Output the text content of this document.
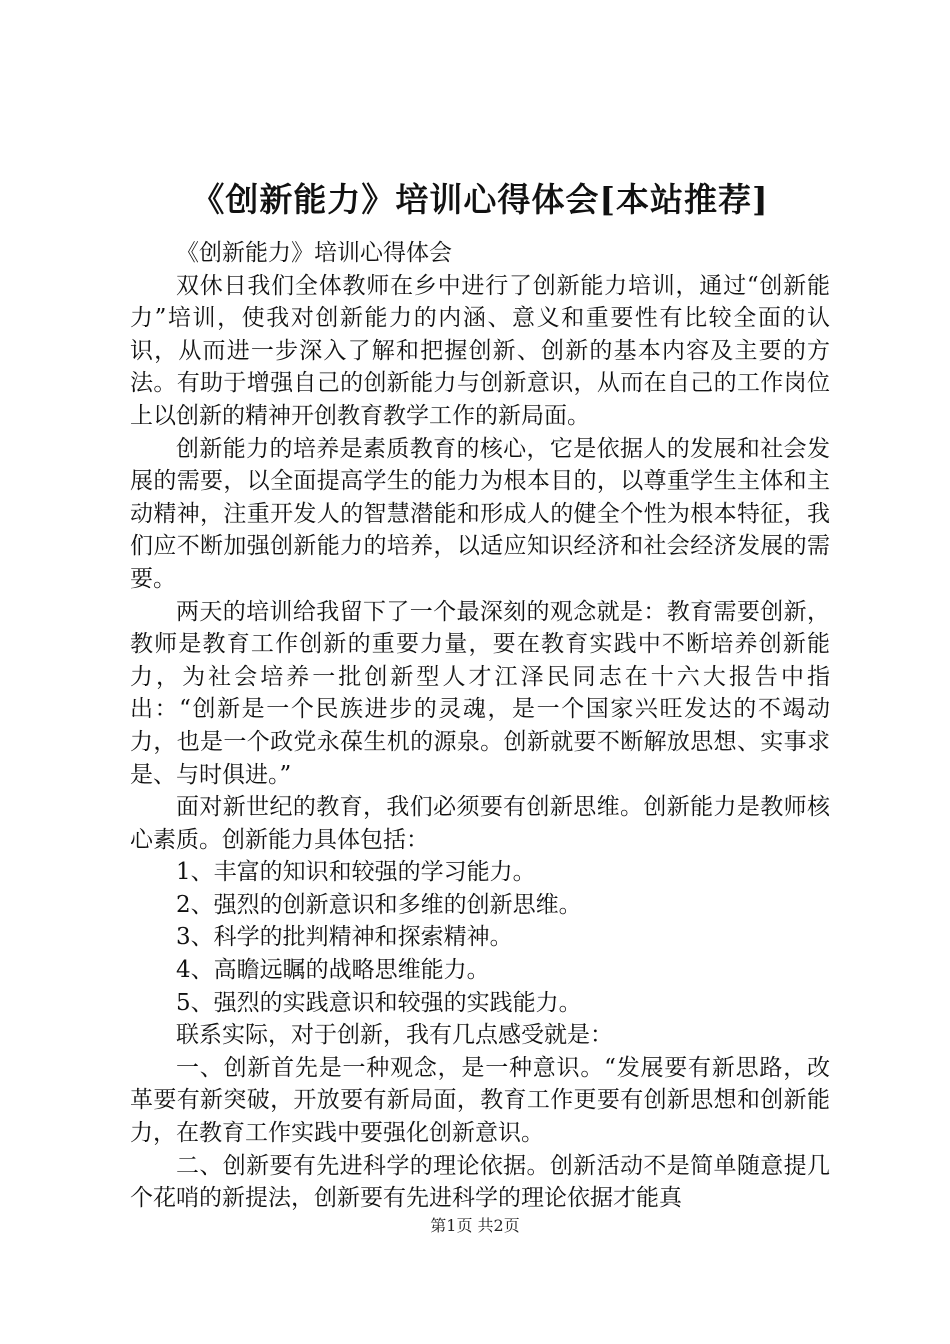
《创新能力》培训心得体会[本站推荐]

《创新能力》培训心得体会

双休日我们全体教师在乡中进行了创新能力培训，通过“创新能力”培训，使我对创新能力的内涵、意义和重要性有比较全面的认识，从而进一步深入了解和把握创新、创新的基本内容及主要的方法。有助于增强自己的创新能力与创新意识，从而在自己的工作岗位上以创新的精神开创教育教学工作的新局面。

创新能力的培养是素质教育的核心，它是依据人的发展和社会发展的需要，以全面提高学生的能力为根本目的，以尊重学生主体和主动精神，注重开发人的智慧潜能和形成人的健全个性为根本特征，我们应不断加强创新能力的培养，以适应知识经济和社会经济发展的需要。

两天的培训给我留下了一个最深刻的观念就是：教育需要创新，教师是教育工作创新的重要力量，要在教育实践中不断培养创新能力，为社会培养一批创新型人才江泽民同志在十六大报告中指出：“创新是一个民族进步的灵魂，是一个国家兴旺发达的不竭动力，也是一个政党永葆生机的源泉。创新就要不断解放思想、实事求是、与时俱进。”

面对新世纪的教育，我们必须要有创新思维。创新能力是教师核心素质。创新能力具体包括：

1、丰富的知识和较强的学习能力。

2、强烈的创新意识和多维的创新思维。

3、科学的批判精神和探索精神。

4、高瞻远瞩的战略思维能力。

5、强烈的实践意识和较强的实践能力。

联系实际，对于创新，我有几点感受就是：

一、创新首先是一种观念，是一种意识。“发展要有新思路，改革要有新突破，开放要有新局面，教育工作更要有创新思想和创新能力，在教育工作实践中要强化创新意识。

二、创新要有先进科学的理论依据。创新活动不是简单随意提几个花哨的新提法，创新要有先进科学的理论依据才能真

第1页 共2页
